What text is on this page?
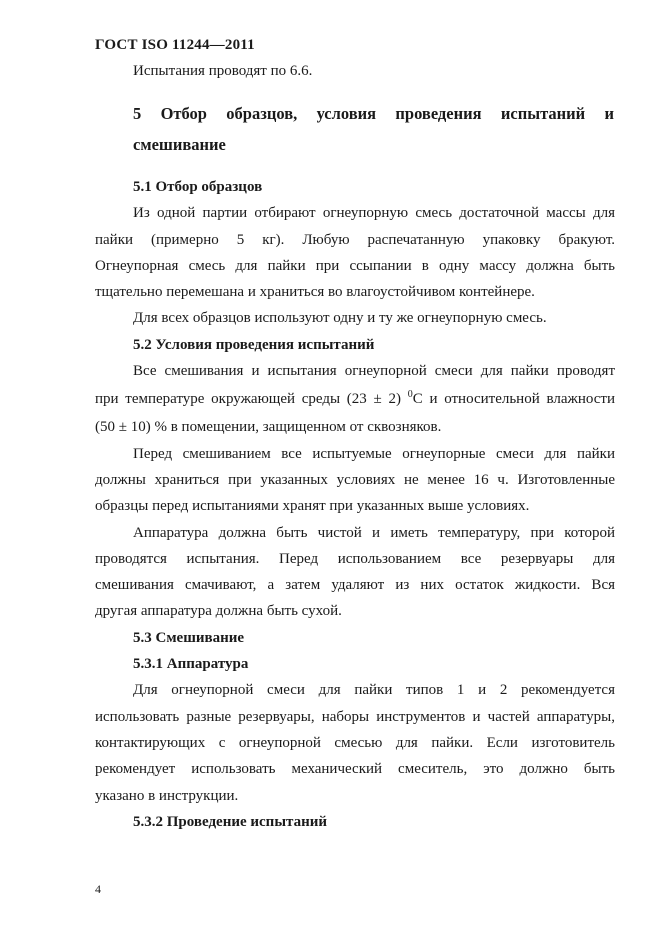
ГОСТ ISO 11244—2011
Испытания проводят по 6.6.
5 Отбор образцов, условия проведения испытаний и
смешивание
5.1 Отбор образцов
Из одной партии отбирают огнеупорную смесь достаточной массы для
пайки (примерно 5 кг). Любую распечатанную упаковку бракуют.
Огнеупорная смесь для пайки при ссыпании в одну массу должна быть
тщательно перемешана и храниться во влагоустойчивом контейнере.
Для всех образцов используют одну и ту же огнеупорную смесь.
5.2 Условия проведения испытаний
Все смешивания и испытания огнеупорной смеси для пайки проводят
при температуре окружающей среды (23 ± 2) $^0$С и относительной влажности
(50 ± 10) % в помещении, защищенном от сквозняков.
Перед смешиванием все испытуемые огнеупорные смеси для пайки
должны храниться при указанных условиях не менее 16 ч. Изготовленные
образцы перед испытаниями хранят при указанных выше условиях.
Аппаратура должна быть чистой и иметь температуру, при которой
проводятся испытания. Перед использованием все резервуары для
смешивания смачивают, а затем удаляют из них остаток жидкости. Вся
другая аппаратура должна быть сухой.
5.3 Смешивание
5.3.1 Аппаратура
Для огнеупорной смеси для пайки типов 1 и 2 рекомендуется
использовать разные резервуары, наборы инструментов и частей аппаратуры,
контактирующих с огнеупорной смесью для пайки. Если изготовитель
рекомендует использовать механический смеситель, это должно быть
указано в инструкции.
5.3.2 Проведение испытаний
4
